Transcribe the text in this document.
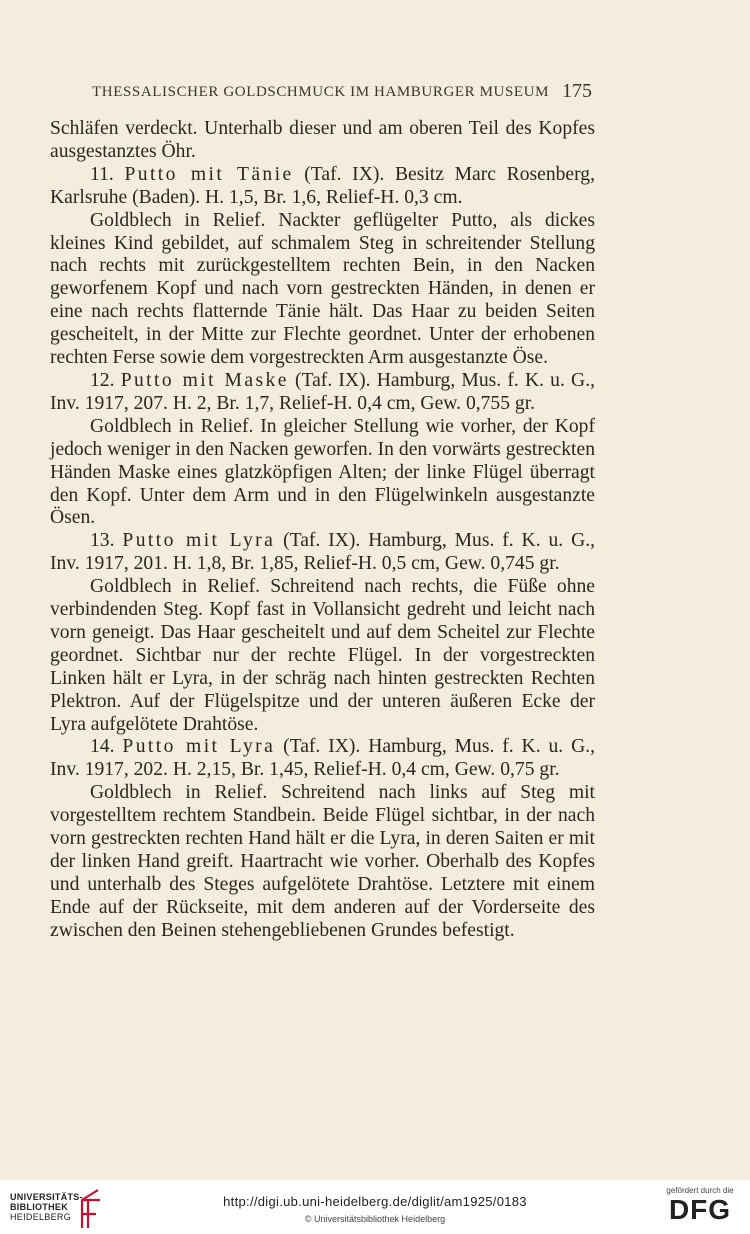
THESSALISCHER GOLDSCHMUCK IM HAMBURGER MUSEUM 175

Schläfen verdeckt. Unterhalb dieser und am oberen Teil des Kopfes ausgestanztes Öhr.

11. Putto mit Tänie (Taf. IX). Besitz Marc Rosenberg, Karlsruhe (Baden). H. 1,5, Br. 1,6, Relief-H. 0,3 cm.

Goldblech in Relief. Nackter geflügelter Putto, als dickes kleines Kind gebildet, auf schmalem Steg in schreitender Stellung nach rechts mit zurückgestelltem rechten Bein, in den Nacken geworfenem Kopf und nach vorn gestreckten Händen, in denen er eine nach rechts flatternde Tänie hält. Das Haar zu beiden Seiten gescheitelt, in der Mitte zur Flechte geordnet. Unter der erhobenen rechten Ferse sowie dem vorgestreckten Arm ausgestanzte Öse.

12. Putto mit Maske (Taf. IX). Hamburg, Mus. f. K. u. G., Inv. 1917, 207. H. 2, Br. 1,7, Relief-H. 0,4 cm, Gew. 0,755 gr.

Goldblech in Relief. In gleicher Stellung wie vorher, der Kopf jedoch weniger in den Nacken geworfen. In den vorwärts gestreckten Händen Maske eines glatzköpfigen Alten; der linke Flügel überragt den Kopf. Unter dem Arm und in den Flügelwinkeln ausgestanzte Ösen.

13. Putto mit Lyra (Taf. IX). Hamburg, Mus. f. K. u. G., Inv. 1917, 201. H. 1,8, Br. 1,85, Relief-H. 0,5 cm, Gew. 0,745 gr.

Goldblech in Relief. Schreitend nach rechts, die Füße ohne verbindenden Steg. Kopf fast in Vollansicht gedreht und leicht nach vorn geneigt. Das Haar gescheitelt und auf dem Scheitel zur Flechte geordnet. Sichtbar nur der rechte Flügel. In der vorgestreckten Linken hält er Lyra, in der schräg nach hinten gestreckten Rechten Plektron. Auf der Flügelspitze und der unteren äußeren Ecke der Lyra aufgelötete Drahtöse.

14. Putto mit Lyra (Taf. IX). Hamburg, Mus. f. K. u. G., Inv. 1917, 202. H. 2,15, Br. 1,45, Relief-H. 0,4 cm, Gew. 0,75 gr.

Goldblech in Relief. Schreitend nach links auf Steg mit vorgestelltem rechtem Standbein. Beide Flügel sichtbar, in der nach vorn gestreckten rechten Hand hält er die Lyra, in deren Saiten er mit der linken Hand greift. Haartracht wie vorher. Oberhalb des Kopfes und unterhalb des Steges aufgelötete Drahtöse. Letztere mit einem Ende auf der Rückseite, mit dem anderen auf der Vorderseite des zwischen den Beinen stehengebliebenen Grundes befestigt.

UNIVERSITÄTS-
BIBLIOTHEK
HEIDELBERG
http://digi.ub.uni-heidelberg.de/diglit/am1925/0183
© Universitätsbibliothek Heidelberg
gefördert durch die
DFG
